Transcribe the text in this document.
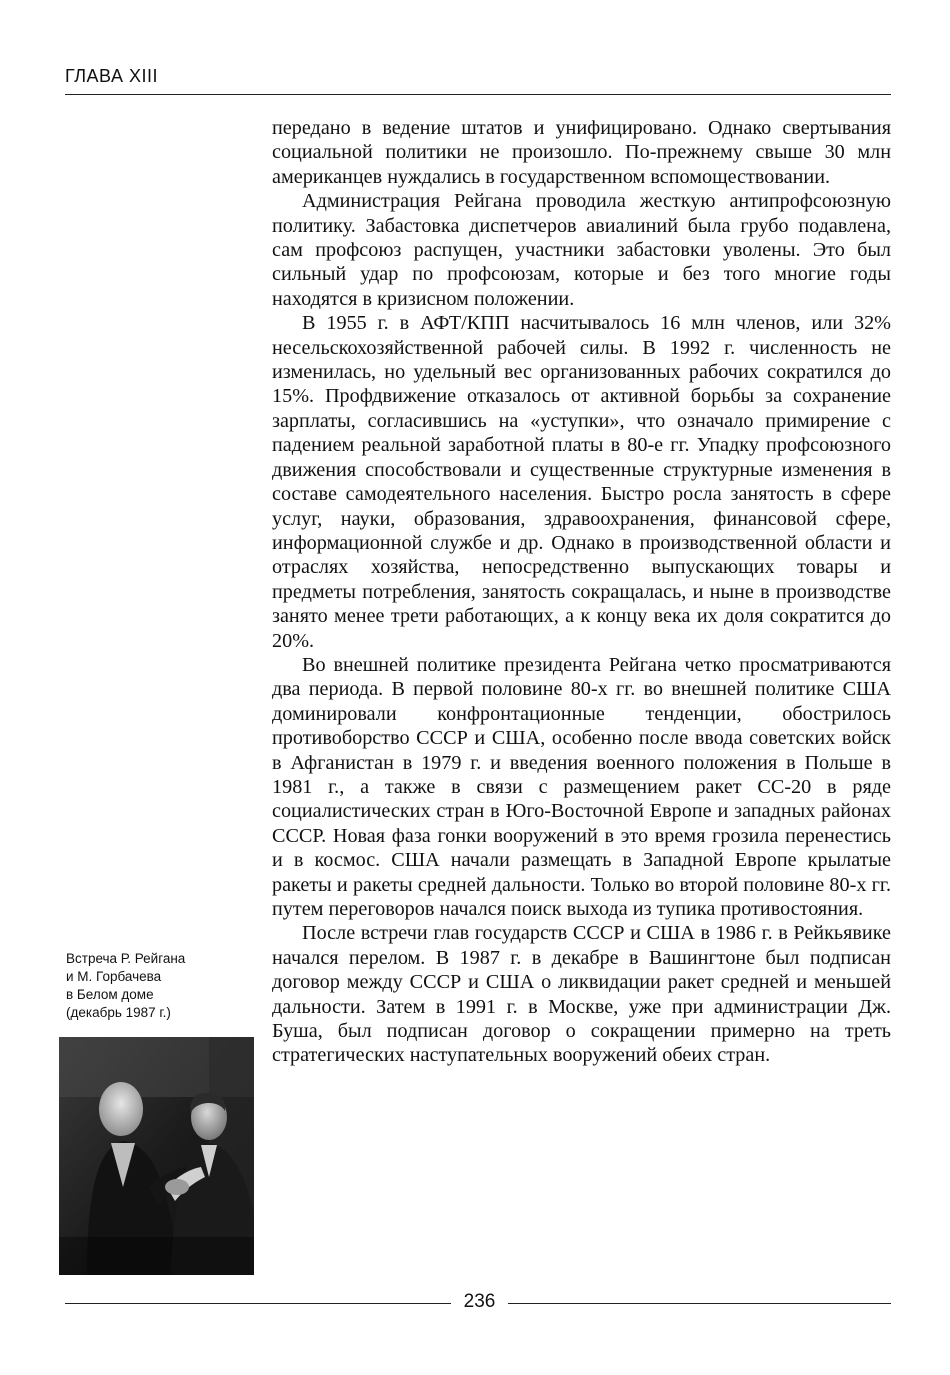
ГЛАВА XIII

передано в ведение штатов и унифицировано. Однако свертывания социальной политики не произошло. По-прежнему свыше 30 млн американцев нуждались в государственном вспомоществовании.

Администрация Рейгана проводила жесткую антипрофсоюзную политику. Забастовка диспетчеров авиалиний была грубо подавлена, сам профсоюз распущен, участники забастовки уволены. Это был сильный удар по профсоюзам, которые и без того многие годы находятся в кризисном положении.

В 1955 г. в АФТ/КПП насчитывалось 16 млн членов, или 32% несельскохозяйственной рабочей силы. В 1992 г. численность не изменилась, но удельный вес организованных рабочих сократился до 15%. Профдвижение отказалось от активной борьбы за сохранение зарплаты, согласившись на «уступки», что означало примирение с падением реальной заработной платы в 80-е гг. Упадку профсоюзного движения способствовали и существенные структурные изменения в составе самодеятельного населения. Быстро росла занятость в сфере услуг, науки, образования, здравоохранения, финансовой сфере, информационной службе и др. Однако в производственной области и отраслях хозяйства, непосредственно выпускающих товары и предметы потребления, занятость сокращалась, и ныне в производстве занято менее трети работающих, а к концу века их доля сократится до 20%.

Во внешней политике президента Рейгана четко просматриваются два периода. В первой половине 80-х гг. во внешней политике США доминировали конфронтационные тенденции, обострилось противоборство СССР и США, особенно после ввода советских войск в Афганистан в 1979 г. и введения военного положения в Польше в 1981 г., а также в связи с размещением ракет СС-20 в ряде социалистических стран в Юго-Восточной Европе и западных районах СССР. Новая фаза гонки вооружений в это время грозила перенестись и в космос. США начали размещать в Западной Европе крылатые ракеты и ракеты средней дальности. Только во второй половине 80-х гг. путем переговоров начался поиск выхода из тупика противостояния.

После встречи глав государств СССР и США в 1986 г. в Рейкьявике начался перелом. В 1987 г. в декабре в Вашингтоне был подписан договор между СССР и США о ликвидации ракет средней и меньшей дальности. Затем в 1991 г. в Москве, уже при администрации Дж. Буша, был подписан договор о сокращении примерно на треть стратегических наступательных вооружений обеих стран.

Встреча Р. Рейгана
и М. Горбачева
в Белом доме
(декабрь 1987 г.)
236
